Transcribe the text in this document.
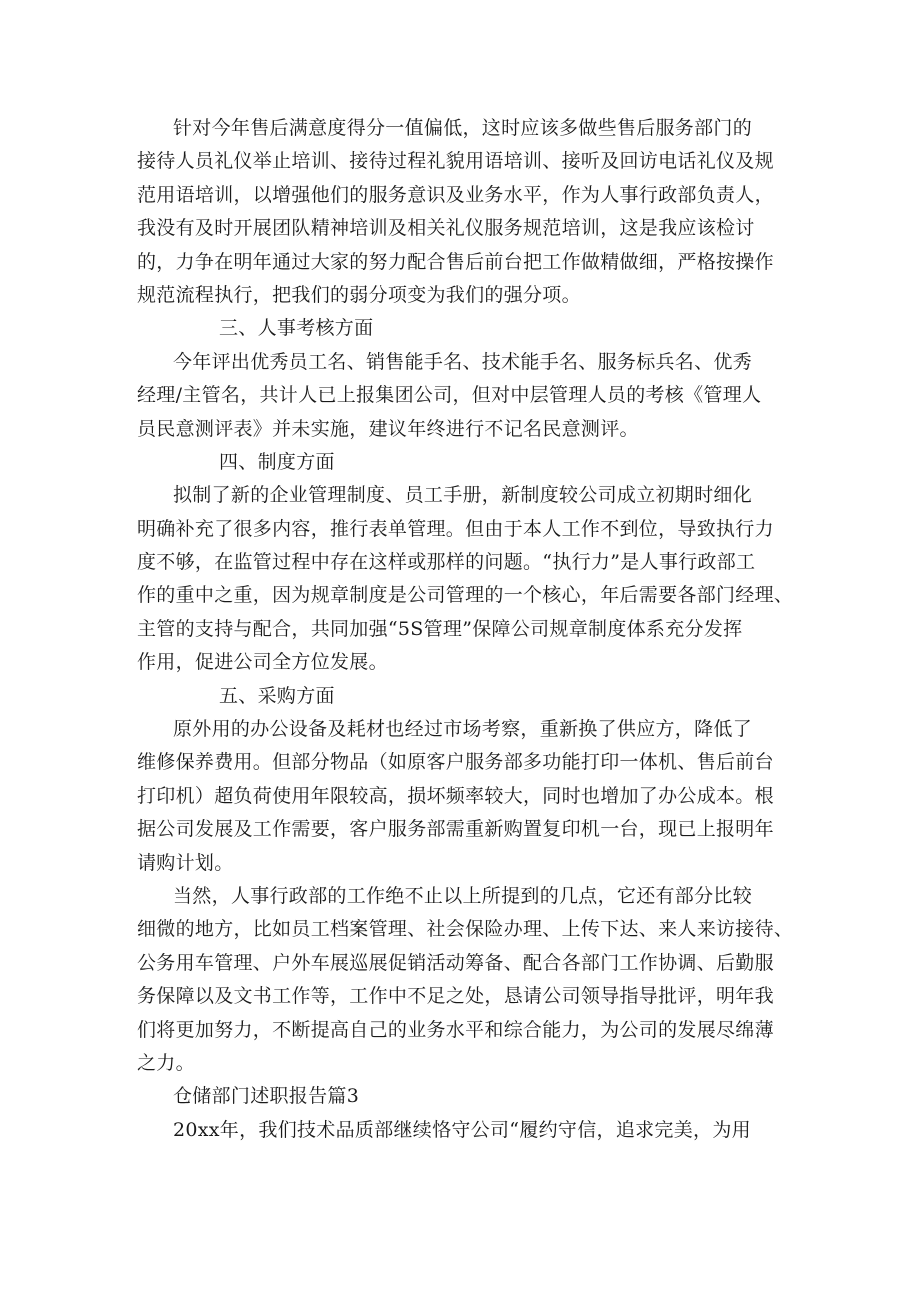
针对今年售后满意度得分一值偏低，这时应该多做些售后服务部门的
接待人员礼仪举止培训、接待过程礼貌用语培训、接听及回访电话礼仪及规
范用语培训，以增强他们的服务意识及业务水平，作为人事行政部负责人，
我没有及时开展团队精神培训及相关礼仪服务规范培训，这是我应该检讨
的，力争在明年通过大家的努力配合售后前台把工作做精做细，严格按操作
规范流程执行，把我们的弱分项变为我们的强分项。
三、人事考核方面
今年评出优秀员工名、销售能手名、技术能手名、服务标兵名、优秀
经理/主管名，共计人已上报集团公司，但对中层管理人员的考核《管理人
员民意测评表》并未实施，建议年终进行不记名民意测评。
四、制度方面
拟制了新的企业管理制度、员工手册，新制度较公司成立初期时细化
明确补充了很多内容，推行表单管理。但由于本人工作不到位，导致执行力
度不够，在监管过程中存在这样或那样的问题。“执行力”是人事行政部工
作的重中之重，因为规章制度是公司管理的一个核心，年后需要各部门经理、
主管的支持与配合，共同加强“5S管理”保障公司规章制度体系充分发挥
作用，促进公司全方位发展。
五、采购方面
原外用的办公设备及耗材也经过市场考察，重新换了供应方，降低了
维修保养费用。但部分物品（如原客户服务部多功能打印一体机、售后前台
打印机）超负荷使用年限较高，损坏频率较大，同时也增加了办公成本。根
据公司发展及工作需要，客户服务部需重新购置复印机一台，现已上报明年
请购计划。
当然，人事行政部的工作绝不止以上所提到的几点，它还有部分比较
细微的地方，比如员工档案管理、社会保险办理、上传下达、来人来访接待、
公务用车管理、户外车展巡展促销活动筹备、配合各部门工作协调、后勤服
务保障以及文书工作等，工作中不足之处，恳请公司领导指导批评，明年我
们将更加努力，不断提高自己的业务水平和综合能力，为公司的发展尽绵薄
之力。
仓储部门述职报告篇3
20xx年，我们技术品质部继续恪守公司“履约守信，追求完美，为用
